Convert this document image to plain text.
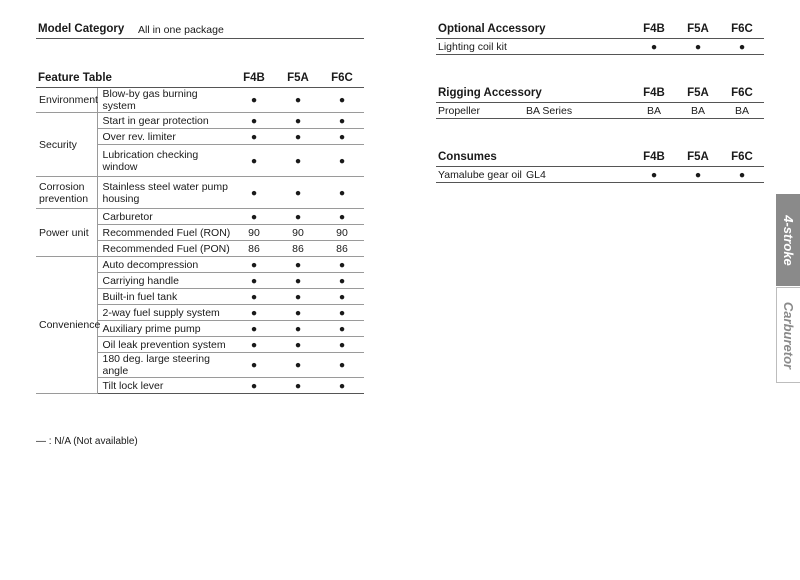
Model Category All in one package
Feature Table	F4B	F5A	F6C
Environment	Blow-by gas burning system	●	●	●
Security	Start in gear protection	●	●	●
	Over rev. limiter	●	●	●
	Lubrication checking window	●	●	●
Corrosion prevention	Stainless steel water pump housing	●	●	●
Power unit	Carburetor	●	●	●
	Recommended Fuel (RON)	90	90	90
	Recommended Fuel (PON)	86	86	86
Convenience	Auto decompression	●	●	●
	Carriying handle	●	●	●
	Built-in fuel tank	●	●	●
	2-way fuel supply system	●	●	●
	Auxiliary prime pump	●	●	●
	Oil leak prevention system	●	●	●
	180 deg. large steering angle	●	●	●
	Tilt lock lever	●	●	●
— : N/A (Not available)
Optional Accessory	F4B	F5A	F6C
Lighting coil kit	●	●	●
Rigging Accessory	F4B	F5A	F6C
Propeller	BA Series	BA	BA	BA
Consumes	F4B	F5A	F6C
Yamalube gear oil GL4	●	●	●
4-stroke
Carburetor
